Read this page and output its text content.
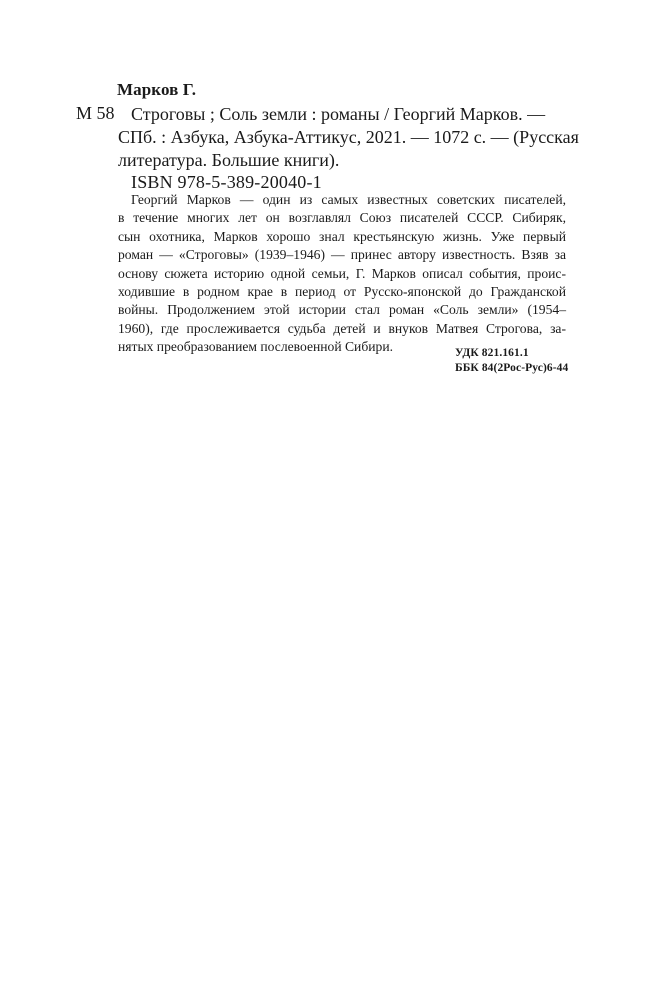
Марков Г.
М 58 Строговы ; Соль земли : романы / Георгий Марков. —
СПб. : Азбука, Азбука-Аттикус, 2021. — 1072 с. — (Русская
литература. Большие книги).
ISBN 978-5-389-20040-1
Георгий Марков — один из самых известных советских писателей,
в течение многих лет он возглавлял Союз писателей СССР. Сибиряк,
сын охотника, Марков хорошо знал крестьянскую жизнь. Уже первый
роман — «Строговы» (1939–1946) — принес автору известность. Взяв за
основу сюжета историю одной семьи, Г. Марков описал события, проис-
ходившие в родном крае в период от Русско-японской до Гражданской
войны. Продолжением этой истории стал роман «Соль земли» (1954–
1960), где прослеживается судьба детей и внуков Матвея Строгова, за-
нятых преобразованием послевоенной Сибири.	УДК 821.161.1
ББК 84(2Рос-Рус)6-44
